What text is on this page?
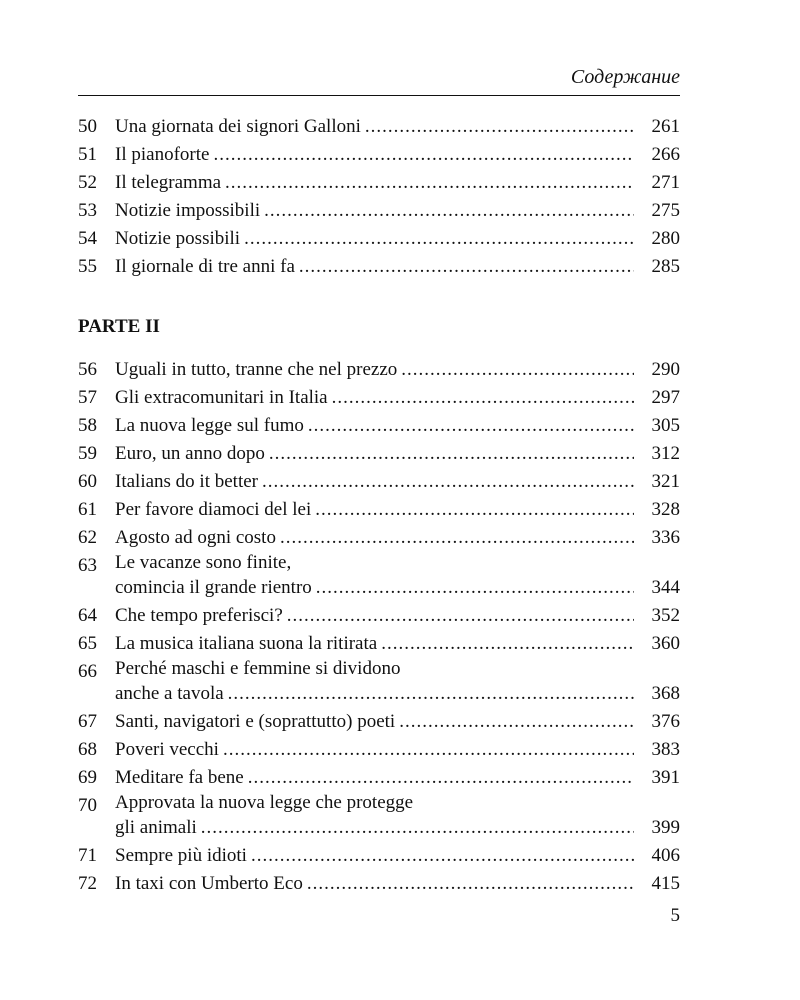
Содержание
50 Una giornata dei signori Galloni .....	261
51 Il pianoforte .....	266
52 Il telegramma .....	271
53 Notizie impossibili .....	275
54 Notizie possibili .....	280
55 Il giornale di tre anni fa .....	285
PARTE II
56 Uguali in tutto, tranne che nel prezzo .....	290
57 Gli extracomunitari in Italia .....	297
58 La nuova legge sul fumo .....	305
59 Euro, un anno dopo .....	312
60 Italians do it better .....	321
61 Per favore diamoci del lei .....	328
62 Agosto ad ogni costo .....	336
63 Le vacanze sono finite,
comincia il grande rientro .....	344
64 Che tempo preferisci? .....	352
65 La musica italiana suona la ritirata .....	360
66 Perché maschi e femmine si dividono
anche a tavola .....	368
67 Santi, navigatori e (soprattutto) poeti .....	376
68 Poveri vecchi .....	383
69 Meditare fa bene .....	391
70 Approvata la nuova legge che protegge
gli animali .....	399
71 Sempre più idioti .....	406
72 In taxi con Umberto Eco .....	415
5
